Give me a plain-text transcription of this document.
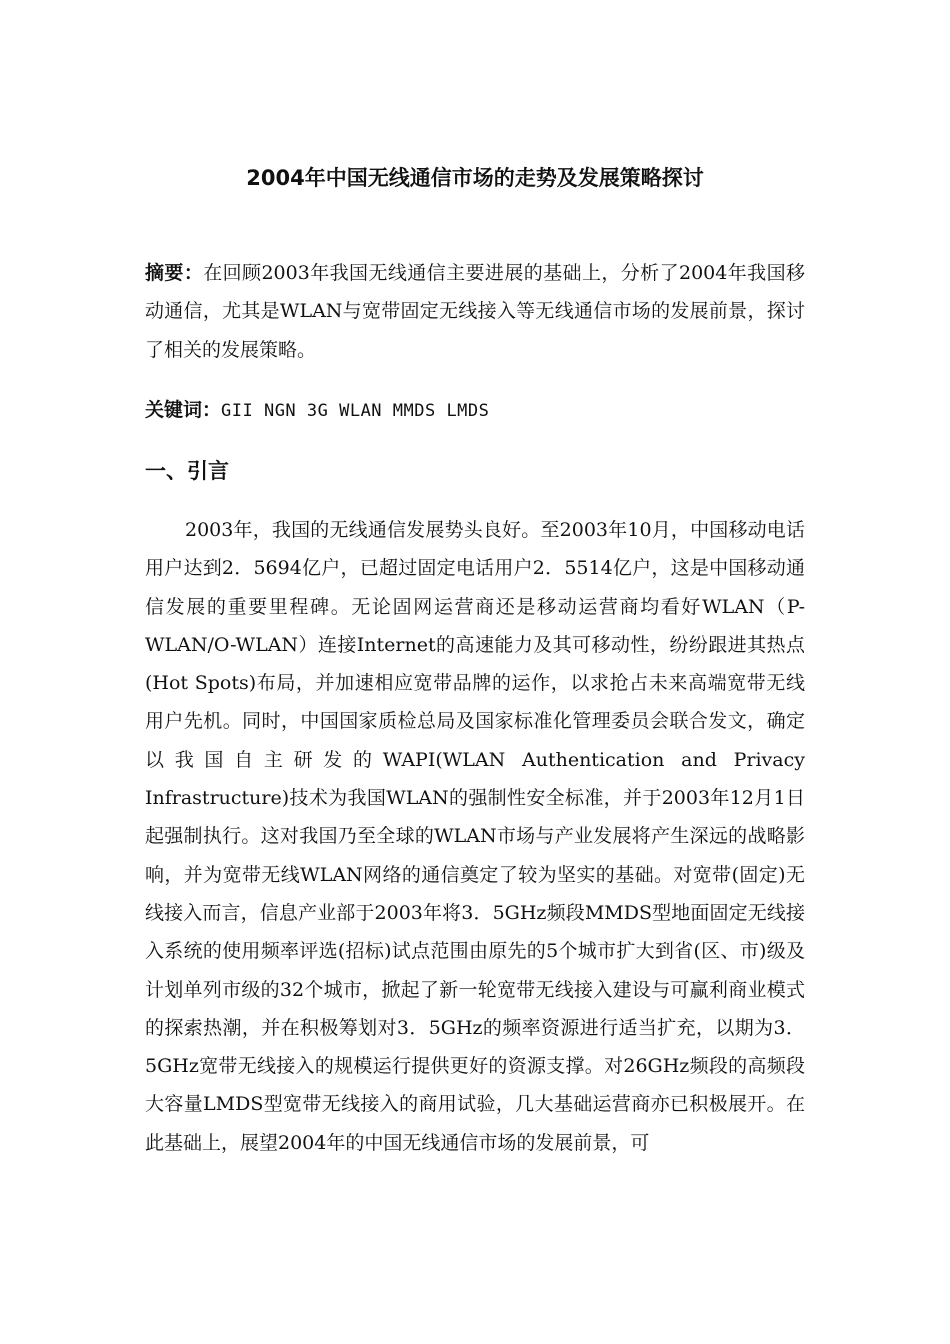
2004年中国无线通信市场的走势及发展策略探讨
摘要：在回顾2003年我国无线通信主要进展的基础上，分析了2004年我国移动通信，尤其是WLAN与宽带固定无线接入等无线通信市场的发展前景，探讨了相关的发展策略。
关键词：GII NGN 3G WLAN MMDS LMDS
一、引言
2003年，我国的无线通信发展势头良好。至2003年10月，中国移动电话用户达到2．5694亿户，已超过固定电话用户2．5514亿户，这是中国移动通信发展的重要里程碑。无论固网运营商还是移动运营商均看好WLAN（P-WLAN/O-WLAN）连接Internet的高速能力及其可移动性，纷纷跟进其热点(Hot Spots)布局，并加速相应宽带品牌的运作，以求抢占未来高端宽带无线用户先机。同时，中国国家质检总局及国家标准化管理委员会联合发文，确定以我国自主研发的WAPI(WLAN Authentication and Privacy Infrastructure)技术为我国WLAN的强制性安全标准，并于2003年12月1日起强制执行。这对我国乃至全球的WLAN市场与产业发展将产生深远的战略影响，并为宽带无线WLAN网络的通信奠定了较为坚实的基础。对宽带(固定)无线接入而言，信息产业部于2003年将3．5GHz频段MMDS型地面固定无线接入系统的使用频率评选(招标)试点范围由原先的5个城市扩大到省(区、市)级及计划单列市级的32个城市，掀起了新一轮宽带无线接入建设与可赢利商业模式的探索热潮，并在积极筹划对3．5GHz的频率资源进行适当扩充，以期为3．5GHz宽带无线接入的规模运行提供更好的资源支撑。对26GHz频段的高频段大容量LMDS型宽带无线接入的商用试验，几大基础运营商亦已积极展开。在此基础上，展望2004年的中国无线通信市场的发展前景，可
